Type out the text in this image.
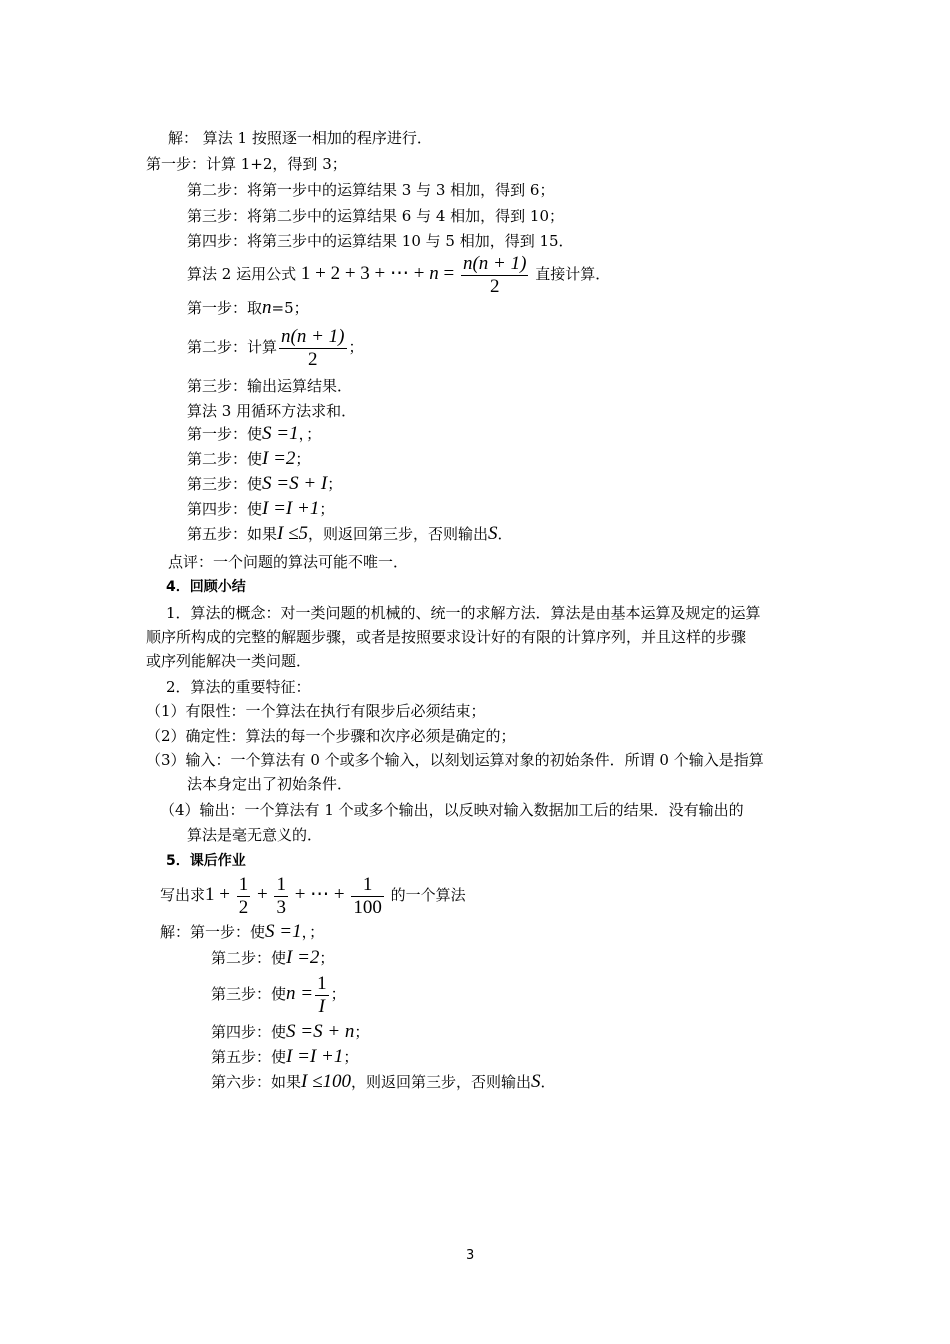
解： 算法 1 按照逐一相加的程序进行．
第一步：计算 1+2，得到 3；
第二步：将第一步中的运算结果 3 与 3 相加，得到 6；
第三步：将第二步中的运算结果 6 与 4 相加，得到 10；
第四步：将第三步中的运算结果 10 与 5 相加，得到 15．
算法 2 运用公式 1 + 2 + 3 + ⋯ + $n = \frac{n(n + 1)}{2}$ 直接计算．
第一步：取n=5；
第二步：计算 $\frac{n(n + 1)}{2}$ ；
第三步：输出运算结果．
算法 3 用循环方法求和．
第一步：使S =1，；
第二步：使I =2；
第三步：使S =S + I；
第四步：使I =I +1；
第五步：如果I ≤5，则返回第三步，否则输出S．
点评：一个问题的算法可能不唯一．
4．回顾小结
1．算法的概念：对一类问题的机械的、统一的求解方法．算法是由基本运算及规定的运算
顺序所构成的完整的解题步骤，或者是按照要求设计好的有限的计算序列，并且这样的步骤
或序列能解决一类问题．
2．算法的重要特征：
（1）有限性：一个算法在执行有限步后必须结束；
（2）确定性：算法的每一个步骤和次序必须是确定的；
（3）输入：一个算法有 0 个或多个输入，以刻划运算对象的初始条件．所谓 0 个输入是指算
法本身定出了初始条件．
（4）输出：一个算法有 1 个或多个输出，以反映对输入数据加工后的结果．没有输出的
算法是毫无意义的．
5．课后作业
写出求$1 + \frac{1}{2} + \frac{1}{3}$ + ⋯ + $\frac{1}{100}$ 的一个算法
解：第一步：使S =1，；
第二步：使I =2；
第三步：使$n = \frac{1}{I}$ ；
第四步：使S =S + n；
第五步：使I =I +1；
第六步：如果I ≤100，则返回第三步，否则输出S．
3
